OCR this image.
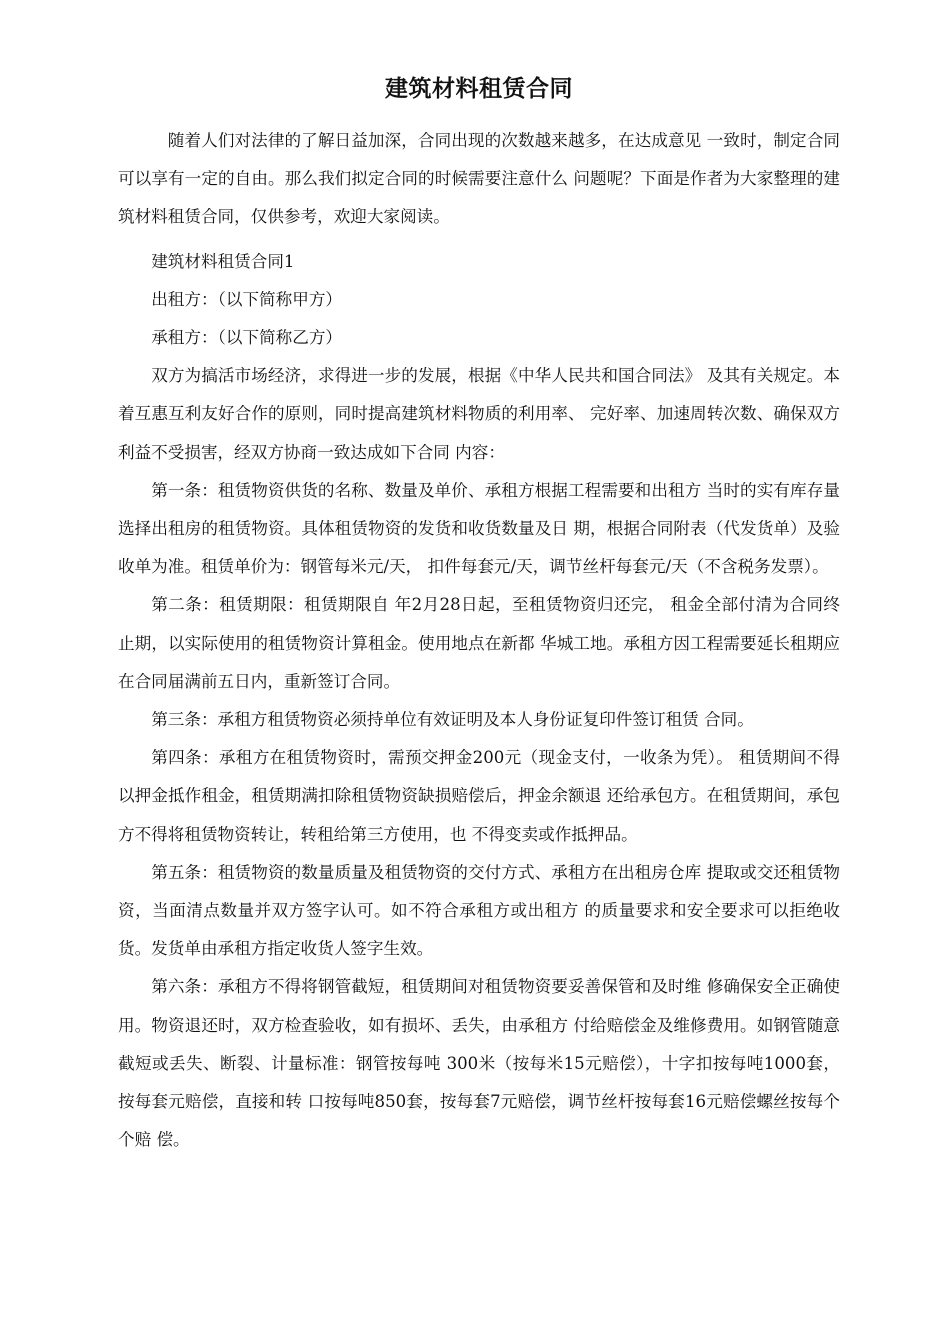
建筑材料租赁合同

随着人们对法律的了解日益加深，合同出现的次数越来越多，在达成意见 一致时，制定合同可以享有一定的自由。那么我们拟定合同的时候需要注意什么 问题呢？下面是作者为大家整理的建筑材料租赁合同，仅供参考，欢迎大家阅读。

建筑材料租赁合同1

出租方：（以下简称甲方）

承租方：（以下简称乙方）

双方为搞活市场经济，求得进一步的发展，根据《中华人民共和国合同法》 及其有关规定。本着互惠互利友好合作的原则，同时提高建筑材料物质的利用率、 完好率、加速周转次数、确保双方利益不受损害，经双方协商一致达成如下合同 内容：

第一条：租赁物资供货的名称、数量及单价、承租方根据工程需要和出租方 当时的实有库存量选择出租房的租赁物资。具体租赁物资的发货和收货数量及日 期，根据合同附表（代发货单）及验收单为准。租赁单价为：钢管每米元/天， 扣件每套元/天，调节丝杆每套元/天（不含税务发票）。

第二条：租赁期限：租赁期限自 年2月28日起，至租赁物资归还完， 租金全部付清为合同终止期，以实际使用的租赁物资计算租金。使用地点在新都 华城工地。承租方因工程需要延长租期应在合同届满前五日内，重新签订合同。

第三条：承租方租赁物资必须持单位有效证明及本人身份证复印件签订租赁 合同。

第四条：承租方在租赁物资时，需预交押金200元（现金支付，一收条为凭）。 租赁期间不得以押金抵作租金，租赁期满扣除租赁物资缺损赔偿后，押金余额退 还给承包方。在租赁期间，承包方不得将租赁物资转让，转租给第三方使用，也 不得变卖或作抵押品。

第五条：租赁物资的数量质量及租赁物资的交付方式、承租方在出租房仓库 提取或交还租赁物资，当面清点数量并双方签字认可。如不符合承租方或出租方 的质量要求和安全要求可以拒绝收货。发货单由承租方指定收货人签字生效。

第六条：承租方不得将钢管截短，租赁期间对租赁物资要妥善保管和及时维 修确保安全正确使用。物资退还时，双方检查验收，如有损坏、丢失，由承租方 付给赔偿金及维修费用。如钢管随意截短或丢失、断裂、计量标准：钢管按每吨 300米（按每米15元赔偿），十字扣按每吨1000套，按每套元赔偿，直接和转 口按每吨850套，按每套7元赔偿，调节丝杆按每套16元赔偿螺丝按每个个赔 偿。
